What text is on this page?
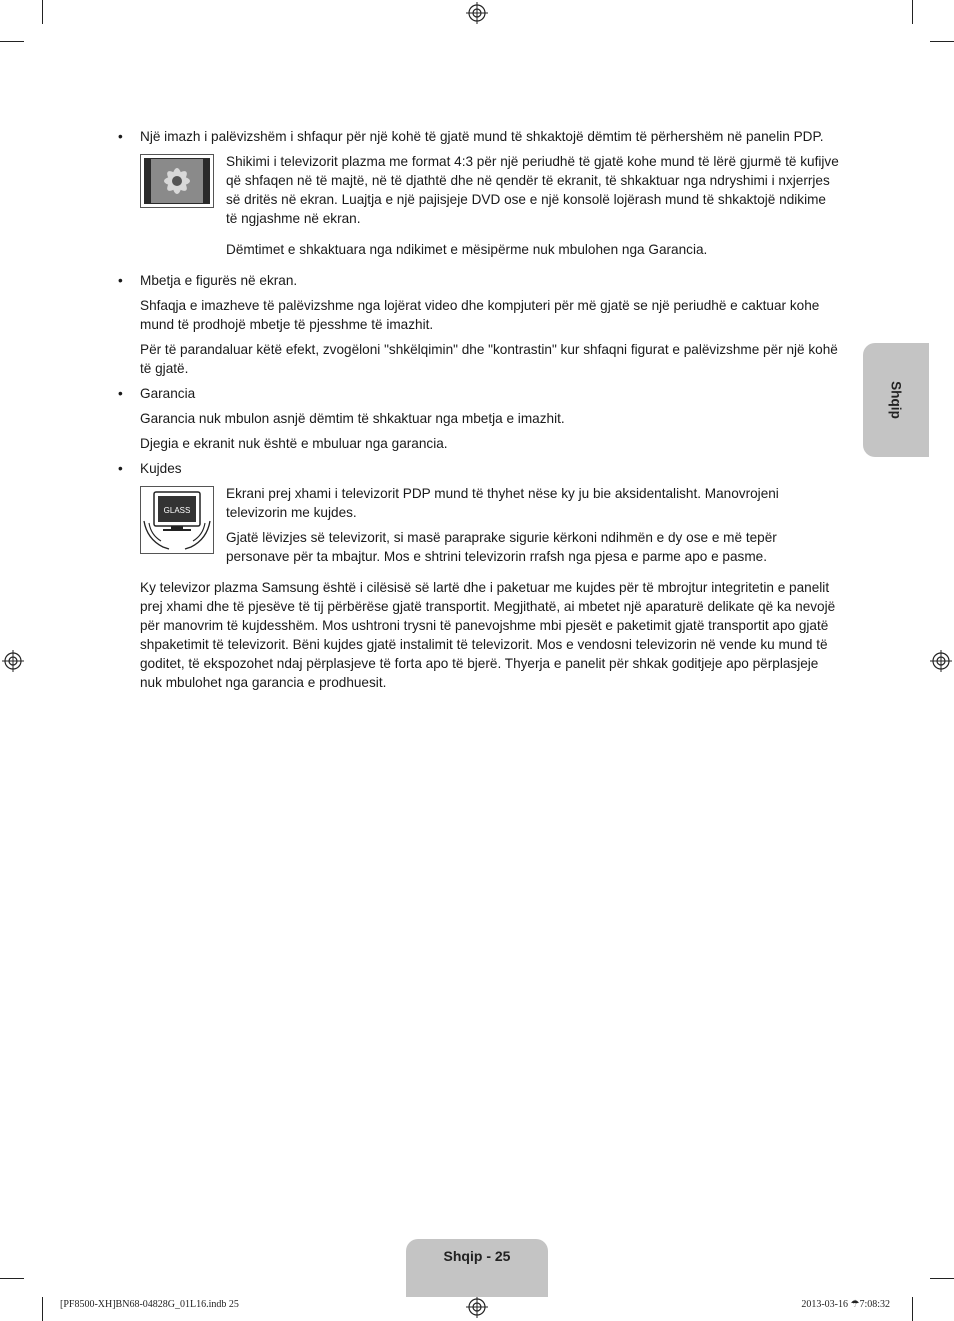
Shqip

• Një imazh i palëvizshëm i shfaqur për një kohë të gjatë mund të shkaktojë dëmtim të përhershëm në panelin PDP.

Shikimi i televizorit plazma me format 4:3 për një periudhë të gjatë kohe mund të lërë gjurmë të kufijve që shfaqen në të majtë, në të djathtë dhe në qendër të ekranit, të shkaktuar nga ndryshimi i nxjerrjes së dritës në ekran. Luajtja e një pajisjeje DVD ose e një konsolë lojërash mund të shkaktojë ndikime të ngjashme në ekran.

Dëmtimet e shkaktuara nga ndikimet e mësipërme nuk mbulohen nga Garancia.

• Mbetja e figurës në ekran.

Shfaqja e imazheve të palëvizshme nga lojërat video dhe kompjuteri për më gjatë se një periudhë e caktuar kohe mund të prodhojë mbetje të pjesshme të imazhit.

Për të parandaluar këtë efekt, zvogëloni "shkëlqimin" dhe "kontrastin" kur shfaqni figurat e palëvizshme për një kohë të gjatë.

• Garancia

Garancia nuk mbulon asnjë dëmtim të shkaktuar nga mbetja e imazhit.

Djegia e ekranit nuk është e mbuluar nga garancia.

• Kujdes

GLASS

Ekrani prej xhami i televizorit PDP mund të thyhet nëse ky ju bie aksidentalisht. Manovrojeni televizorin me kujdes.

Gjatë lëvizjes së televizorit, si masë paraprake sigurie kërkoni ndihmën e dy ose e më tepër personave për ta mbajtur. Mos e shtrini televizorin rrafsh nga pjesa e parme apo e pasme.

Ky televizor plazma Samsung është i cilësisë së lartë dhe i paketuar me kujdes për të mbrojtur integritetin e panelit prej xhami dhe të pjesëve të tij përbërëse gjatë transportit. Megjithatë, ai mbetet një aparaturë delikate që ka nevojë për manovrim të kujdesshëm. Mos ushtroni trysni të panevojshme mbi pjesët e paketimit gjatë transportit apo gjatë shpaketimit të televizorit. Bëni kujdes gjatë instalimit të televizorit. Mos e vendosni televizorin në vende ku mund të goditet, të ekspozohet ndaj përplasjeve të forta apo të bjerë. Thyerja e panelit për shkak goditjeje apo përplasjeje nuk mbulohet nga garancia e prodhuesit.

Shqip - 25
[PF8500-XH]BN68-04828G_01L16.indb 25	2013-03-16 ☂7:08:32
